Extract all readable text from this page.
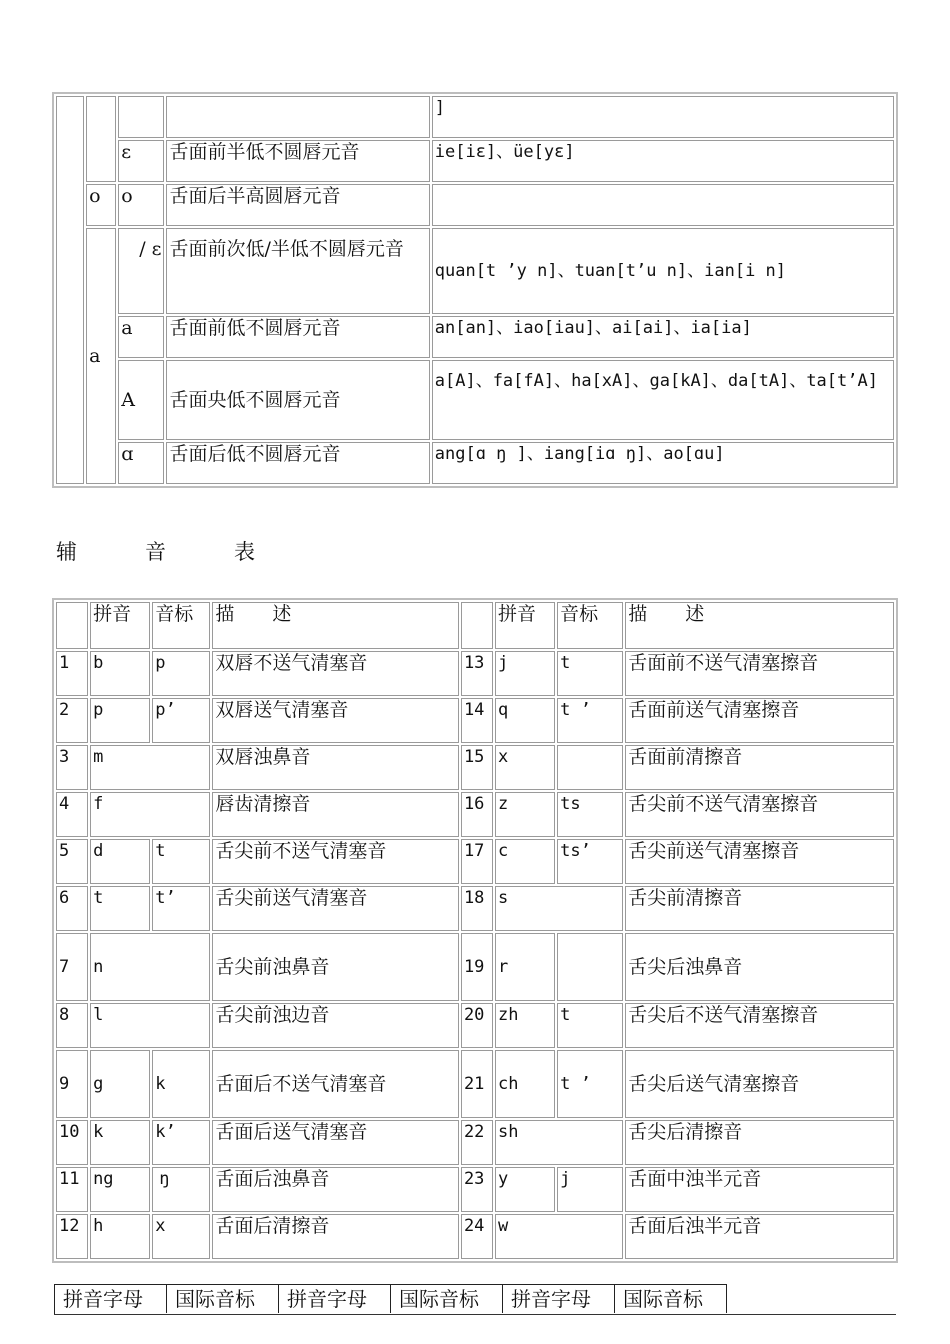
				]
		ε	舌面前半低不圆唇元音	ie[iε]、üe[yε]
	o	o	舌面后半高圆唇元音	
	a	/ ε	舌面前次低/半低不圆唇元音	quan[t ’y n]、tuan[t’u n]、ian[i n]
		a	舌面前低不圆唇元音	an[an]、iao[iau]、ai[ai]、ia[ia]
		A	舌面央低不圆唇元音	a[A]、fa[fA]、ha[xA]、ga[kA]、da[tA]、ta[t’A]
		ɑ	舌面后低不圆唇元音	ang[ɑ ŋ ]、iang[iɑ ŋ]、ao[ɑu]
辅音表
	拼音	音标	描　　述		拼音	音标	描　　述
1	b	p	双唇不送气清塞音	13	j	t	舌面前不送气清塞擦音
2	p	p’	双唇送气清塞音	14	q	t ’	舌面前送气清塞擦音
3	m		双唇浊鼻音	15	x		舌面前清擦音
4	f		唇齿清擦音	16	z	ts	舌尖前不送气清塞擦音
5	d	t	舌尖前不送气清塞音	17	c	ts’	舌尖前送气清塞擦音
6	t	t’	舌尖前送气清塞音	18	s		舌尖前清擦音
7	n		舌尖前浊鼻音	19	r		舌尖后浊鼻音
8	l		舌尖前浊边音	20	zh	t	舌尖后不送气清塞擦音
9	g	k	舌面后不送气清塞音	21	ch	t ’	舌尖后送气清塞擦音
10	k	k’	舌面后送气清塞音	22	sh		舌尖后清擦音
11	ng	ŋ	舌面后浊鼻音	23	y	j	舌面中浊半元音
12	h	x	舌面后清擦音	24	w		舌面后浊半元音
拼音字母	国际音标	拼音字母	国际音标	拼音字母	国际音标
